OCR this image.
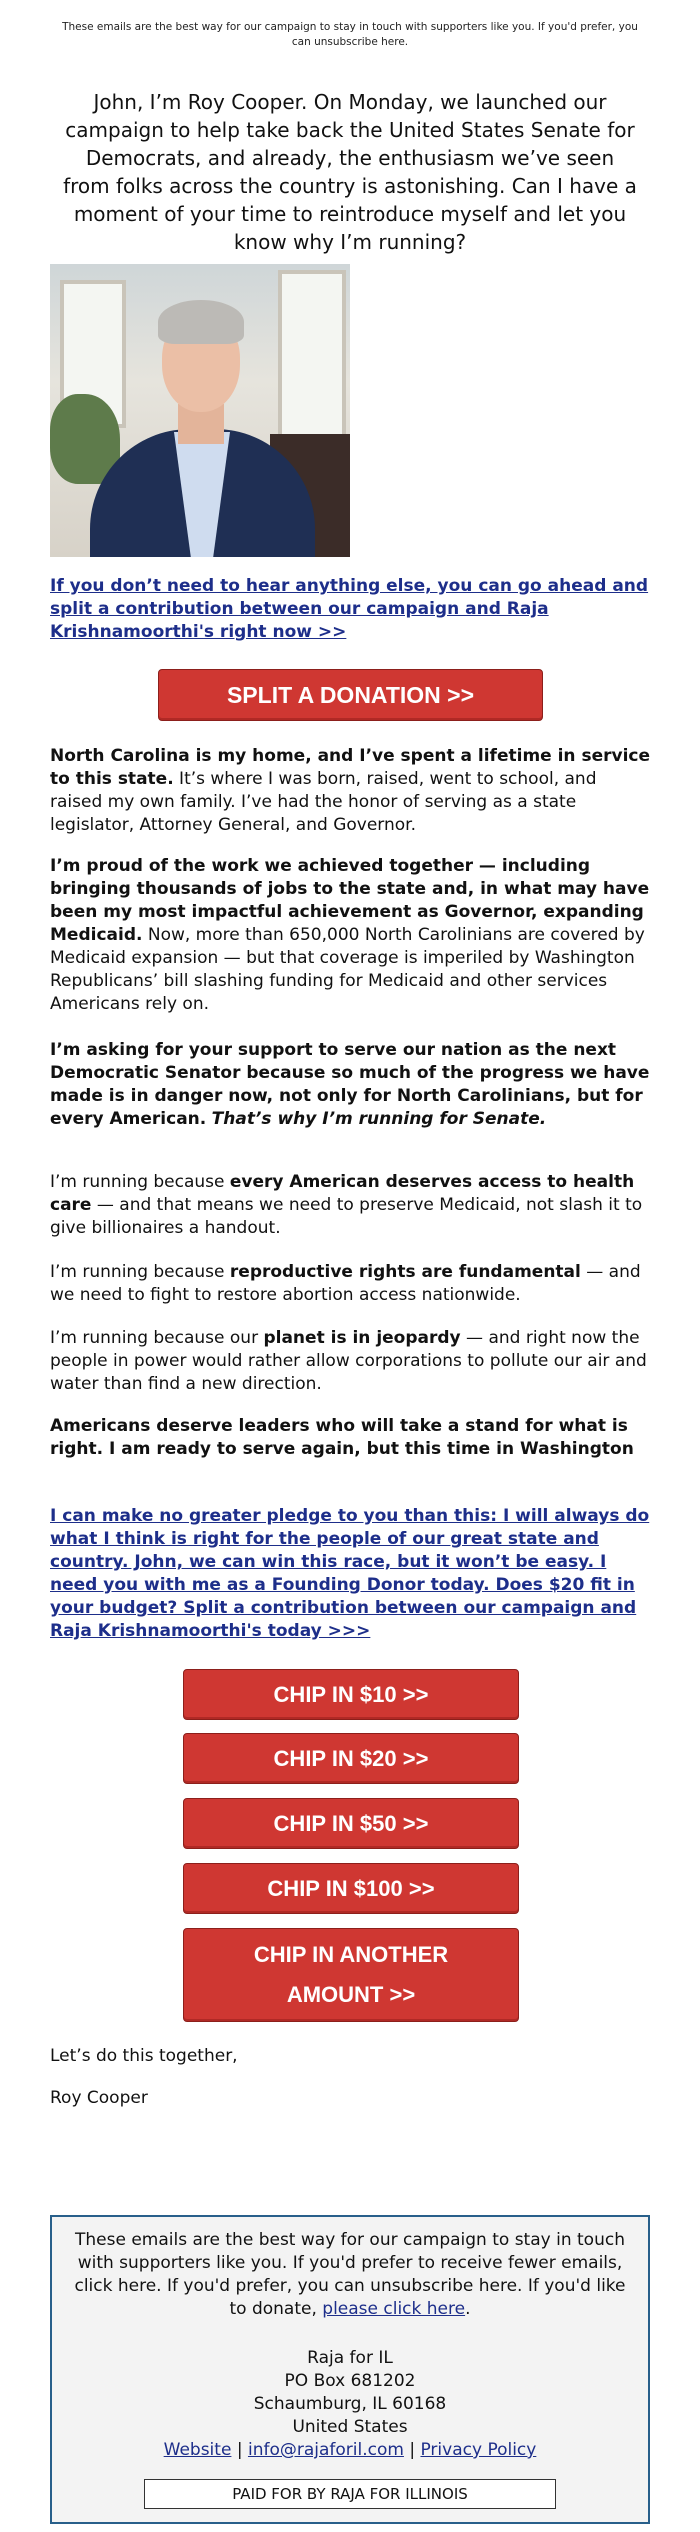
These emails are the best way for our campaign to stay in touch with supporters like you. If you'd prefer, you can unsubscribe here.
John, I’m Roy Cooper. On Monday, we launched our campaign to help take back the United States Senate for Democrats, and already, the enthusiasm we’ve seen from folks across the country is astonishing. Can I have a moment of your time to reintroduce myself and let you know why I’m running?
If you don’t need to hear anything else, you can go ahead and split a contribution between our campaign and Raja Krishnamoorthi's right now >>
SPLIT A DONATION >>
North Carolina is my home, and I’ve spent a lifetime in service to this state. It’s where I was born, raised, went to school, and raised my own family. I’ve had the honor of serving as a state legislator, Attorney General, and Governor.
I’m proud of the work we achieved together — including bringing thousands of jobs to the state and, in what may have been my most impactful achievement as Governor, expanding Medicaid. Now, more than 650,000 North Carolinians are covered by Medicaid expansion — but that coverage is imperiled by Washington Republicans’ bill slashing funding for Medicaid and other services Americans rely on.
I’m asking for your support to serve our nation as the next Democratic Senator because so much of the progress we have made is in danger now, not only for North Carolinians, but for every American. That’s why I’m running for Senate.
I’m running because every American deserves access to health care — and that means we need to preserve Medicaid, not slash it to give billionaires a handout.
I’m running because reproductive rights are fundamental — and we need to fight to restore abortion access nationwide.
I’m running because our planet is in jeopardy — and right now the people in power would rather allow corporations to pollute our air and water than find a new direction.
Americans deserve leaders who will take a stand for what is right. I am ready to serve again, but this time in Washington
I can make no greater pledge to you than this: I will always do what I think is right for the people of our great state and country. John, we can win this race, but it won’t be easy. I need you with me as a Founding Donor today. Does $20 fit in your budget? Split a contribution between our campaign and Raja Krishnamoorthi's today >>>
CHIP IN $10 >>
CHIP IN $20 >>
CHIP IN $50 >>
CHIP IN $100 >>
CHIP IN ANOTHER
AMOUNT >>
Let’s do this together,
Roy Cooper
These emails are the best way for our campaign to stay in touch with supporters like you. If you'd prefer to receive fewer emails, click here. If you'd prefer, you can unsubscribe here. If you'd like to donate, please click here.
Raja for IL
PO Box 681202
Schaumburg, IL 60168
United States
Website | info@rajaforil.com | Privacy Policy
PAID FOR BY RAJA FOR ILLINOIS
